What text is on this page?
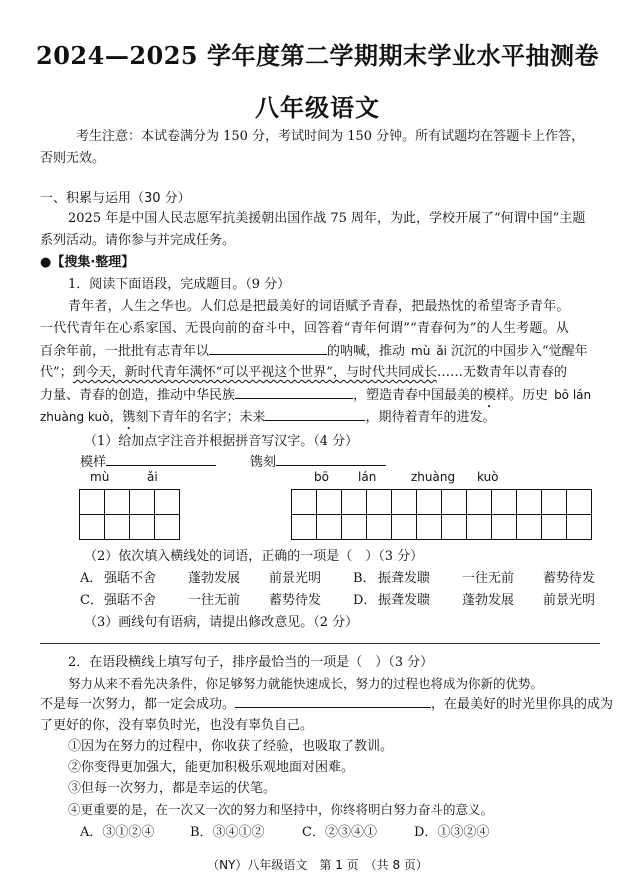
2024—2025 学年度第二学期期末学业水平抽测卷
八年级语文
考生注意：本试卷满分为 150 分，考试时间为 150 分钟。所有试题均在答题卡上作答，
否则无效。
一、积累与运用（30 分）
2025 年是中国人民志愿军抗美援朝出国作战 75 周年，为此，学校开展了“何谓中国”主题
系列活动。请你参与并完成任务。
●【搜集·整理】
1．阅读下面语段，完成题目。（9 分）
青年者，人生之华也。人们总是把最美好的词语赋予青春，把最热忱的希望寄予青年。
一代代青年在心系家国、无畏向前的奋斗中，回答着“青年何谓”“青春何为”的人生考题。从
百余年前，一批批有志青年以	的呐喊，推动 mù ǎi 沉沉的中国步入“觉醒年
代”；到今天，新时代青年满怀“可以平视这个世界”，与时代共同成长……无数青年以青春的
力量、青春的创造，推动中华民族	，塑造青春中国最美的模样。历史 bō lán
zhuàng kuò，镌刻下青年的名字；未来	，期待着青年的进发。
（1）给加点字注音并根据拼音写汉字。（4 分）
模样	镌刻
mù	ǎi	bō lán	zhuàng kuò

（2）依次填入横线处的词语，正确的一项是（　）（3 分）
A． 强聒不舍 蓬勃发展 前景光明 B． 振聋发聩 一往无前 蓄势待发
C． 强聒不舍 一往无前 蓄势待发 D． 振聋发聩 蓬勃发展 前景光明
（3）画线句有语病，请提出修改意见。（2 分）
2．在语段横线上填写句子，排序最恰当的一项是（　）（3 分）
努力从来不看先决条件，你足够努力就能快速成长，努力的过程也将成为你新的优势。
不是每一次努力，都一定会成功。	，在最美好的时光里你具的成为
了更好的你，没有辜负时光，也没有辜负自己。
①因为在努力的过程中，你收获了经验，也吸取了教训。
②你变得更加强大，能更加积极乐观地面对困难。
③但每一次努力，都是幸运的伏笔。
④更重要的是，在一次又一次的努力和坚持中，你终将明白努力奋斗的意义。
A．③①②④	B．③④①②	C．②③④①	D．①③②④
（NY）八年级语文　第 1 页　（共 8 页）
